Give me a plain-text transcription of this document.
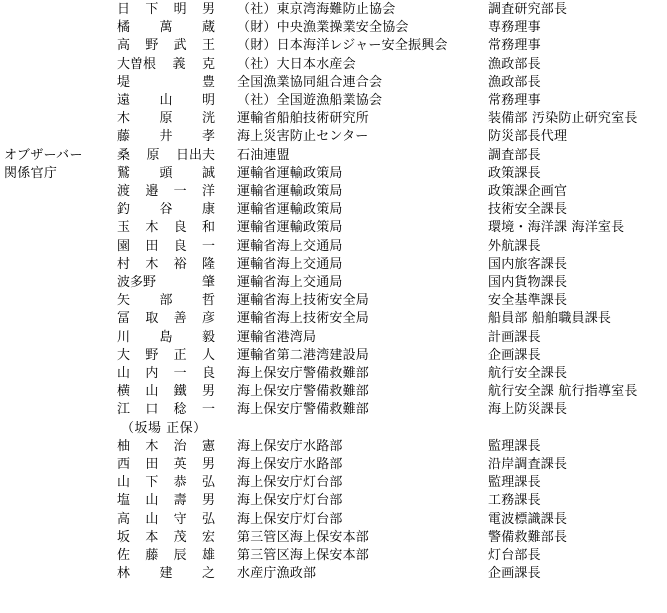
日 下 明 男 （社）東京湾海難防止協会	調査研究部長
橘 萬 蔵 （財）中央漁業操業安全協会	専務理事
高 野 武 王 （財）日本海洋レジャー安全振興会	常務理事
大曽根 義 克 （社）大日本水産会	漁政部長
堤	豊 全国漁業協同組合連合会	漁政部長
遠 山 明 （社）全国遊漁船業協会	常務理事
木 原 洸 運輸省船舶技術研究所	装備部 汚染防止研究室長
藤 井 孝 海上災害防止センター	防災部長代理
オブザーバー	桑 原 日出夫 石油連盟	調査部長
関係官庁	鷲 頭 誠 運輸省運輸政策局	政策課長
渡 邉 一 洋 運輸省運輸政策局	政策課企画官
釣 谷 康 運輸省運輸政策局	技術安全課長
玉 木 良 和 運輸省運輸政策局	環境・海洋課 海洋室長
園 田 良 一 運輸省海上交通局	外航課長
村 木 裕 隆 運輸省海上交通局	国内旅客課長
波多野	肇 運輸省海上交通局	国内貨物課長
矢 部 哲 運輸省海上技術安全局	安全基準課長
冨 取 善 彦 運輸省海上技術安全局	船員部 船舶職員課長
川 島 毅 運輸省港湾局	計画課長
大 野 正 人 運輸省第二港湾建設局	企画課長
山 内 一 良 海上保安庁警備救難部	航行安全課長
横 山 鐵 男 海上保安庁警備救難部	航行安全課 航行指導室長
江 口 稔 一 海上保安庁警備救難部	海上防災課長
（坂場 正保）
柚 木 治 憲 海上保安庁水路部	監理課長
西 田 英 男 海上保安庁水路部	沿岸調査課長
山 下 恭 弘 海上保安庁灯台部	監理課長
塩 山 壽 男 海上保安庁灯台部	工務課長
高 山 守 弘 海上保安庁灯台部	電波標識課長
坂 本 茂 宏 第三管区海上保安本部	警備救難部長
佐 藤 辰 雄 第三管区海上保安本部	灯台部長
林 建 之 水産庁漁政部	企画課長
